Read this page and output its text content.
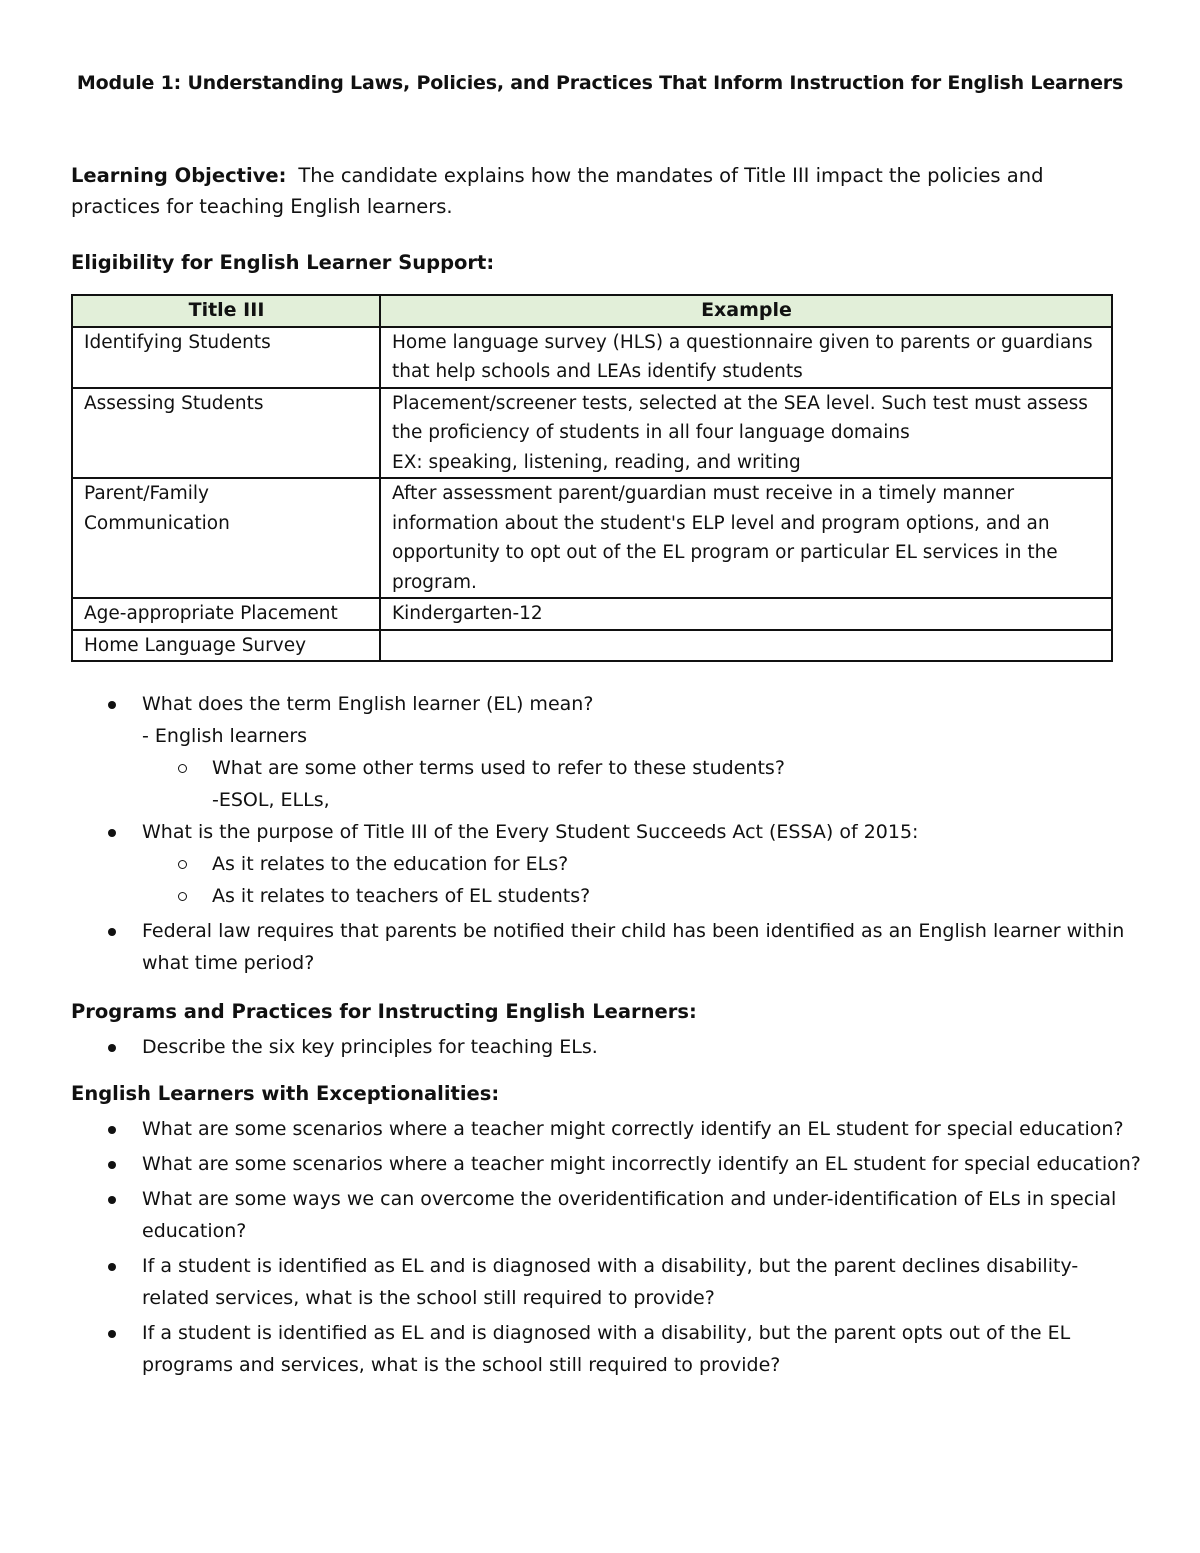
Module 1: Understanding Laws, Policies, and Practices That Inform Instruction for English Learners
Learning Objective: The candidate explains how the mandates of Title III impact the policies and practices for teaching English learners.
Eligibility for English Learner Support:
Title III	Example
Identifying Students	Home language survey (HLS) a questionnaire given to parents or guardians that help schools and LEAs identify students
Assessing Students	Placement/screener tests, selected at the SEA level. Such test must assess the proficiency of students in all four language domains
EX: speaking, listening, reading, and writing
Parent/Family Communication	After assessment parent/guardian must receive in a timely manner information about the student's ELP level and program options, and an opportunity to opt out of the EL program or particular EL services in the program.
Age-appropriate Placement	Kindergarten-12
Home Language Survey	
What does the term English learner (EL) mean?
- English learners
What are some other terms used to refer to these students?
-ESOL, ELLs,
What is the purpose of Title III of the Every Student Succeeds Act (ESSA) of 2015:
As it relates to the education for ELs?
As it relates to teachers of EL students?
Federal law requires that parents be notified their child has been identified as an English learner within what time period?
Programs and Practices for Instructing English Learners:
Describe the six key principles for teaching ELs.
English Learners with Exceptionalities:
What are some scenarios where a teacher might correctly identify an EL student for special education?
What are some scenarios where a teacher might incorrectly identify an EL student for special education?
What are some ways we can overcome the overidentification and under-identification of ELs in special education?
If a student is identified as EL and is diagnosed with a disability, but the parent declines disability-related services, what is the school still required to provide?
If a student is identified as EL and is diagnosed with a disability, but the parent opts out of the EL programs and services, what is the school still required to provide?
